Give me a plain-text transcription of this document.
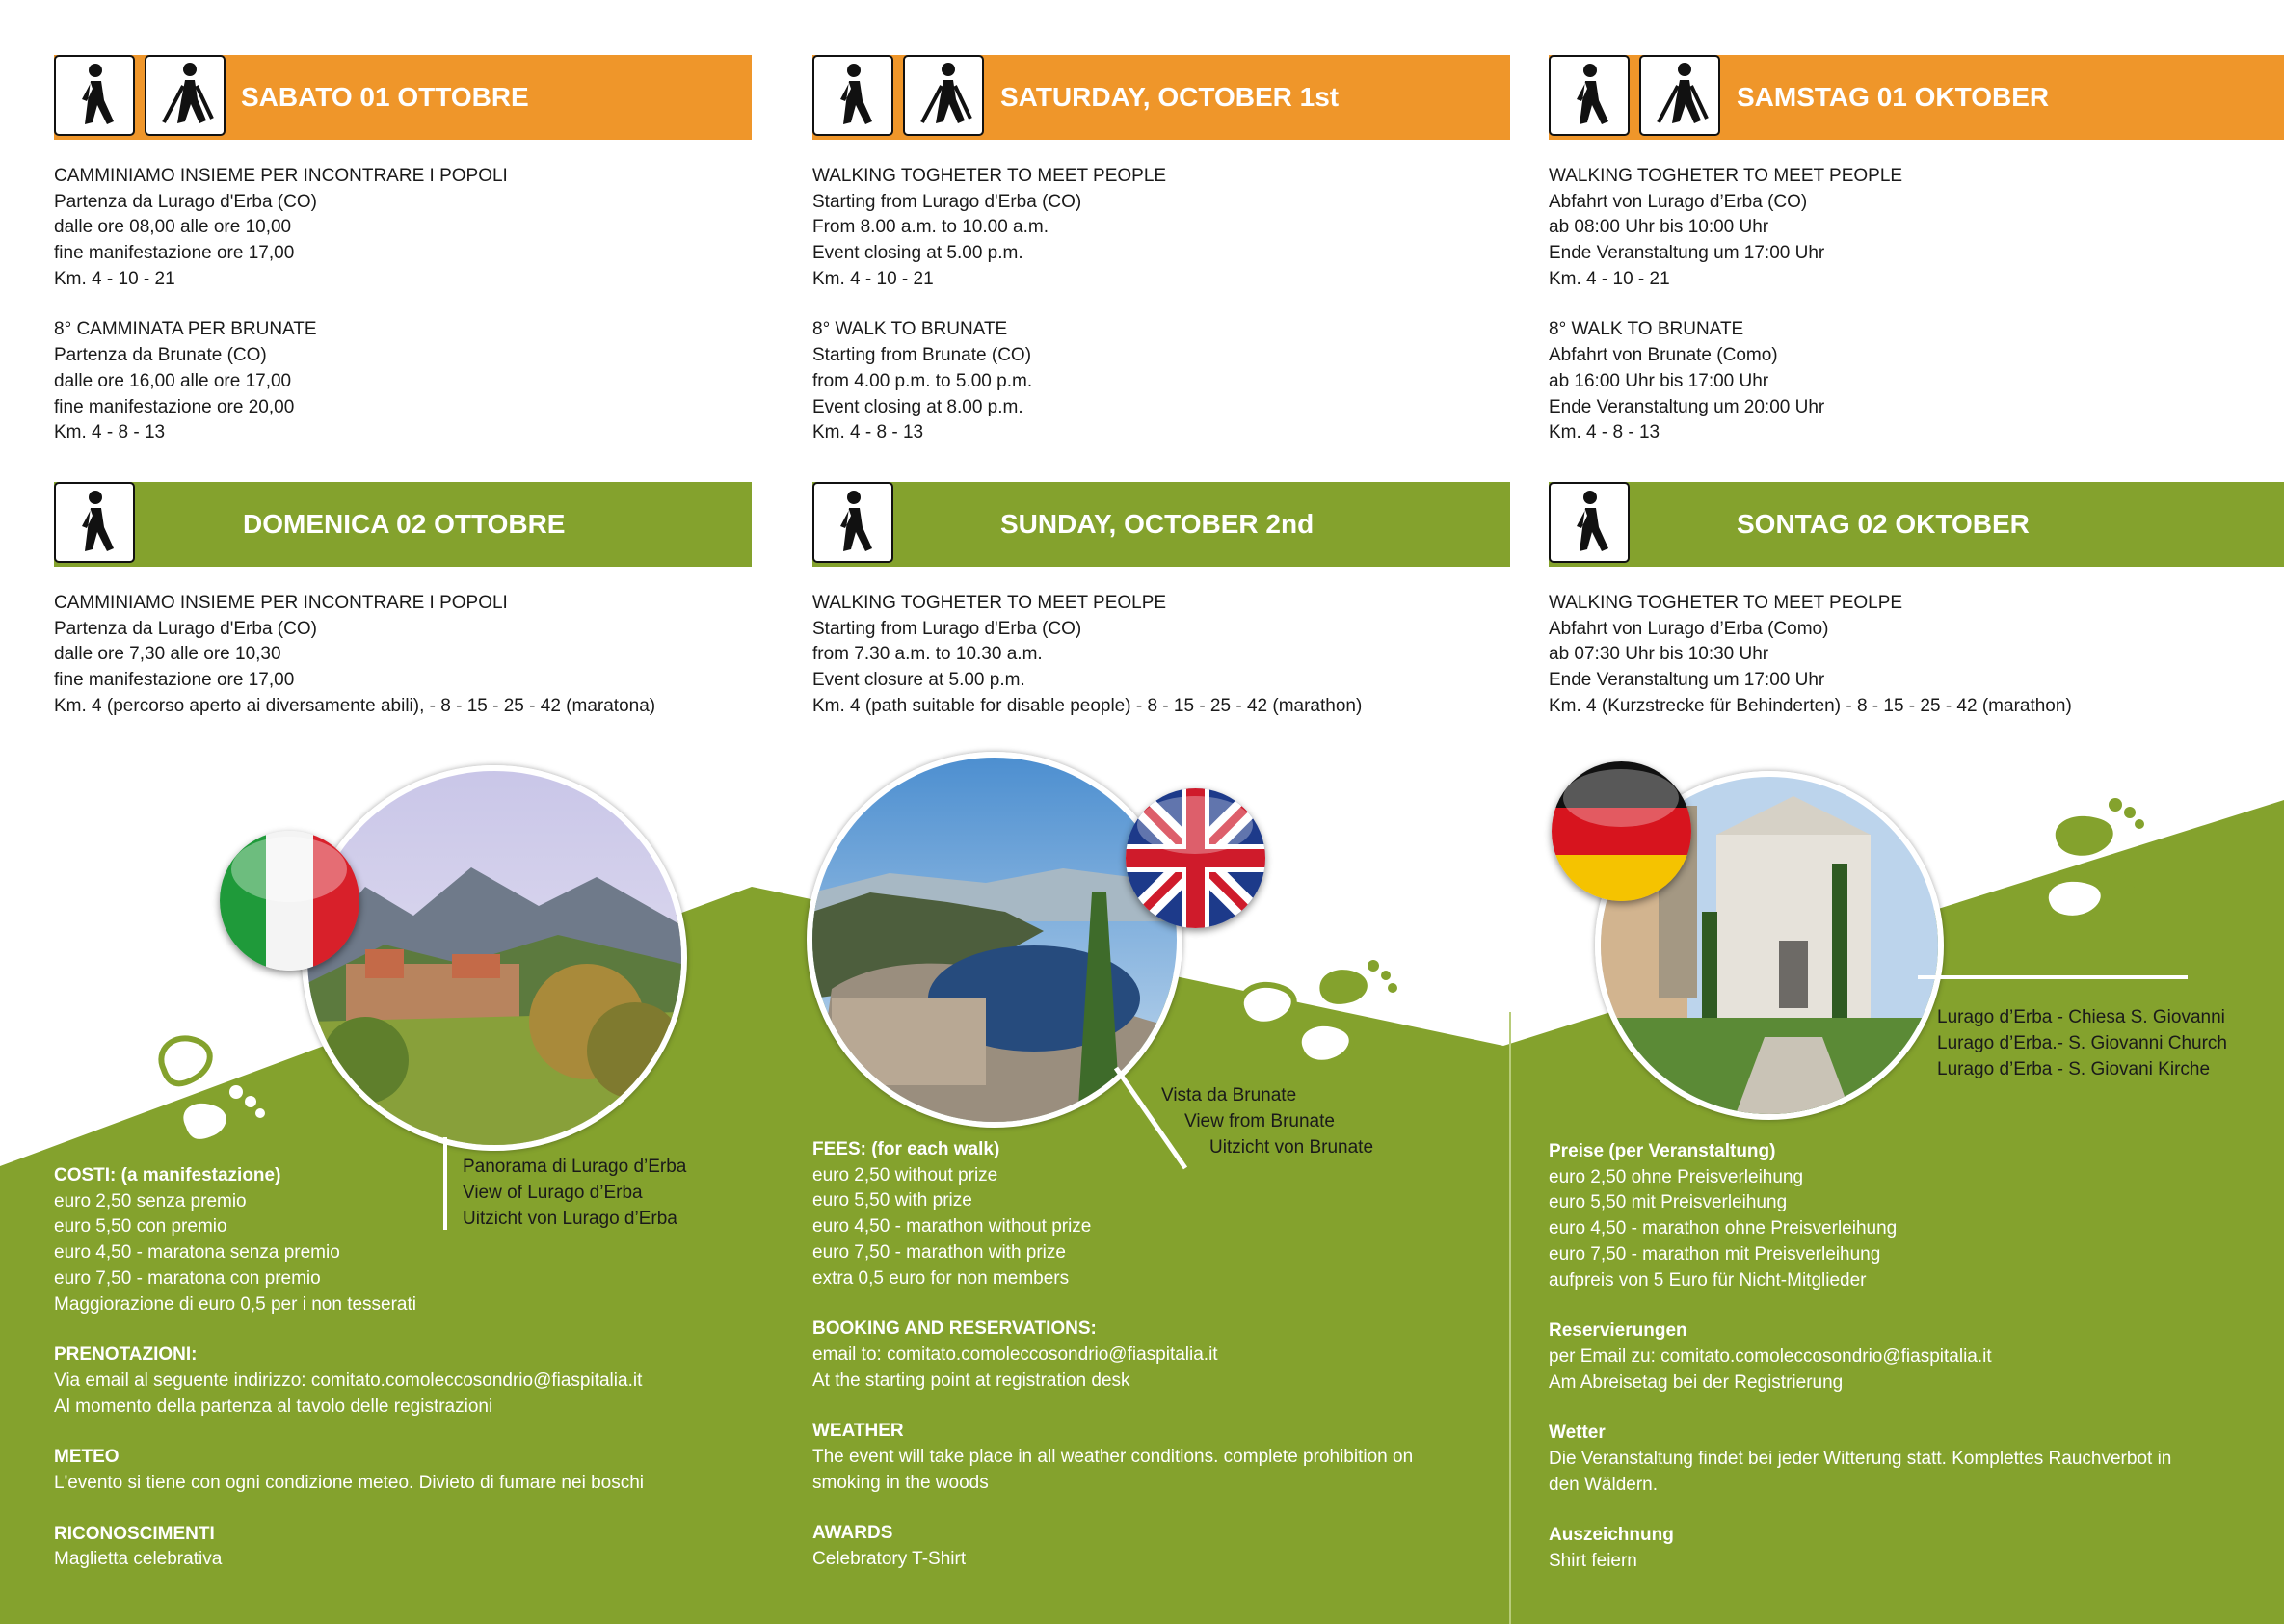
SABATO 01 OTTOBRE
CAMMINIAMO INSIEME PER INCONTRARE I POPOLI
Partenza da Lurago d'Erba (CO)
dalle ore 08,00 alle ore 10,00
fine manifestazione ore 17,00
Km. 4 - 10 - 21
8° CAMMINATA PER BRUNATE
Partenza da Brunate (CO)
dalle ore 16,00 alle ore 17,00
fine manifestazione ore 20,00
Km. 4 - 8 - 13
DOMENICA 02 OTTOBRE
CAMMINIAMO INSIEME PER INCONTRARE I POPOLI
Partenza da Lurago d'Erba (CO)
dalle ore 7,30 alle ore 10,30
fine manifestazione ore 17,00
Km. 4 (percorso aperto ai diversamente abili), - 8 - 15 - 25 - 42 (maratona)
COSTI: (a manifestazione)
euro 2,50 senza premio
euro 5,50 con premio
euro 4,50 - maratona senza premio
euro 7,50 - maratona con premio
Maggiorazione di euro 0,5 per i non tesserati
PRENOTAZIONI:
Via email al seguente indirizzo: comitato.comoleccosondrio@fiaspitalia.it
Al momento della partenza al tavolo delle registrazioni
METEO
L'evento si tiene con ogni condizione meteo. Divieto di fumare nei boschi
RICONOSCIMENTI
Maglietta celebrativa
SATURDAY, OCTOBER 1st
WALKING TOGHETER TO MEET PEOPLE
Starting from Lurago d'Erba (CO)
From 8.00 a.m. to 10.00 a.m.
Event closing at 5.00 p.m.
Km. 4 - 10 - 21
8° WALK TO BRUNATE
Starting from Brunate (CO)
from 4.00 p.m. to 5.00 p.m.
Event closing at 8.00 p.m.
Km. 4 - 8 - 13
SUNDAY, OCTOBER 2nd
WALKING TOGHETER TO MEET PEOLPE
Starting from Lurago d'Erba (CO)
from 7.30 a.m. to 10.30 a.m.
Event closure at 5.00 p.m.
Km. 4 (path suitable for disable people) - 8 - 15 - 25 - 42 (marathon)
FEES: (for each walk)
euro 2,50 without prize
euro 5,50 with prize
euro 4,50 - marathon without prize
euro 7,50 - marathon with prize
extra 0,5 euro for non members
BOOKING AND RESERVATIONS:
email to: comitato.comoleccosondrio@fiaspitalia.it
At the starting point at registration desk
WEATHER
The event will take place in all weather conditions. complete prohibition on
smoking in the woods
AWARDS
Celebratory T-Shirt
SAMSTAG 01 OKTOBER
WALKING TOGHETER TO MEET PEOPLE
Abfahrt von Lurago d’Erba (CO)
ab 08:00 Uhr bis 10:00 Uhr
Ende Veranstaltung um 17:00 Uhr
Km. 4 - 10 - 21
8° WALK TO BRUNATE
Abfahrt von Brunate (Como)
ab 16:00 Uhr bis 17:00 Uhr
Ende Veranstaltung um 20:00 Uhr
Km. 4 - 8 - 13
SONTAG 02 OKTOBER
WALKING TOGHETER TO MEET PEOLPE
Abfahrt von Lurago d’Erba (Como)
ab 07:30 Uhr bis 10:30 Uhr
Ende Veranstaltung um 17:00 Uhr
Km. 4 (Kurzstrecke für Behinderten) - 8 - 15 - 25 - 42 (marathon)
Preise (per Veranstaltung)
euro 2,50 ohne Preisverleihung
euro 5,50 mit Preisverleihung
euro 4,50 - marathon ohne Preisverleihung
euro 7,50 - marathon mit Preisverleihung
aufpreis von 5 Euro für Nicht-Mitglieder
Reservierungen
per Email zu: comitato.comoleccosondrio@fiaspitalia.it
Am Abreisetag bei der Registrierung
Wetter
Die Veranstaltung findet bei jeder Witterung statt. Komplettes Rauchverbot in
den Wäldern.
Auszeichnung
Shirt feiern
Panorama di Lurago d’Erba
View of Lurago d’Erba
Uitzicht von Lurago d’Erba
Vista da Brunate
View from Brunate
Uitzicht von Brunate
Lurago d’Erba - Chiesa S. Giovanni
Lurago d’Erba.- S. Giovanni Church
Lurago d’Erba - S. Giovani Kirche
